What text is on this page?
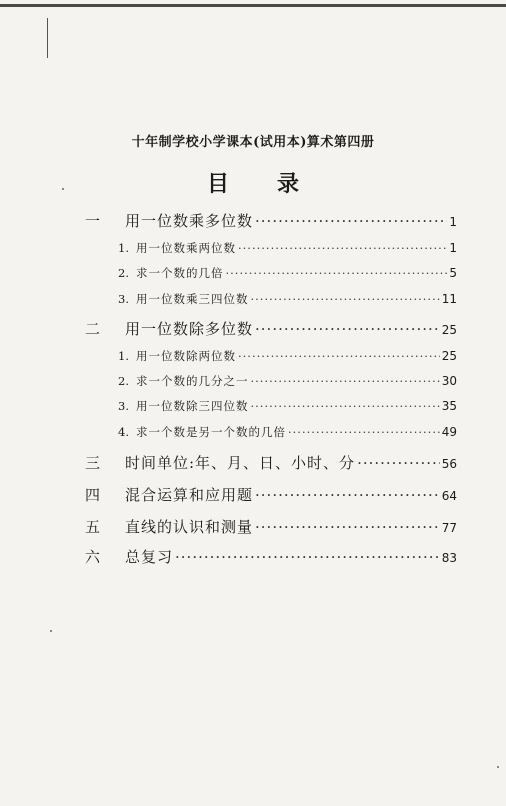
十年制学校小学课本(试用本)算术第四册
目 录
一	用一位数乘多位数 ·····	1
1. 用一位数乘两位数 ·····	1
2. 求一个数的几倍 ·····	5
3. 用一位数乘三四位数 ·····	11
二	用一位数除多位数 ·····	25
1. 用一位数除两位数 ·····	25
2. 求一个数的几分之一 ·····	30
3. 用一位数除三四位数 ·····	35
4. 求一个数是另一个数的几倍 ·····	49
三	时间单位:年、月、日、小时、分 ·····	56
四	混合运算和应用题 ·····	64
五	直线的认识和测量 ·····	77
六	总复习 ·····	83
